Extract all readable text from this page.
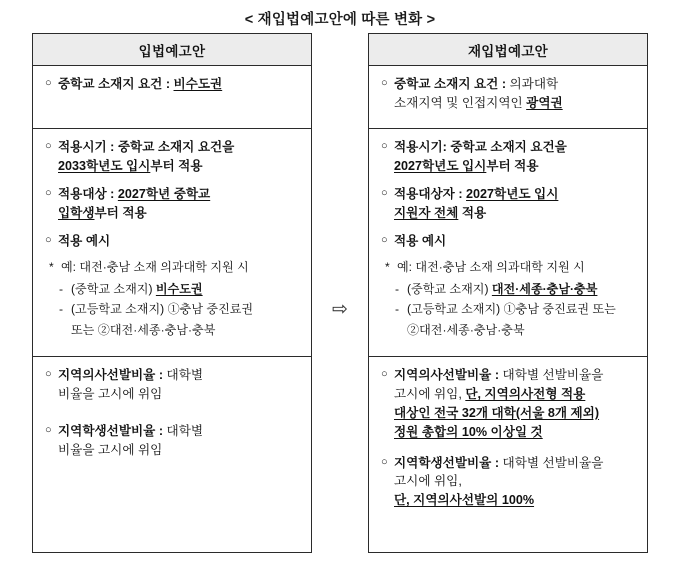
< 재입법예고안에 따른 변화 >
⇨
입법예고안
○ 중학교 소재지 요건 : 비수도권
○ 적용시기 : 중학교 소재지 요건을
2033학년도 입시부터 적용
○ 적용대상 : 2027학년 중학교
입학생부터 적용
○ 적용 예시
* 예: 대전·충남 소재 의과대학 지원 시
- (중학교 소재지) 비수도권
- (고등학교 소재지) ①충남 중진료권
또는 ②대전·세종·충남·충북
○ 지역의사선발비율 : 대학별
비율을 고시에 위임
○ 지역학생선발비율 : 대학별
비율을 고시에 위임
재입법예고안
○ 중학교 소재지 요건 : 의과대학
소재지역 및 인접지역인 광역권
○ 적용시기: 중학교 소재지 요건을
2027학년도 입시부터 적용
○ 적용대상자 : 2027학년도 입시
지원자 전체 적용
○ 적용 예시
* 예: 대전·충남 소재 의과대학 지원 시
- (중학교 소재지) 대전·세종·충남·충북
- (고등학교 소재지) ①충남 중진료권 또는
②대전·세종·충남·충북
○ 지역의사선발비율 : 대학별 선발비율을
고시에 위임, 단, 지역의사전형 적용
대상인 전국 32개 대학(서울 8개 제외)
정원 총합의 10% 이상일 것
○ 지역학생선발비율 : 대학별 선발비율을
고시에 위임,
단, 지역의사선발의 100%
